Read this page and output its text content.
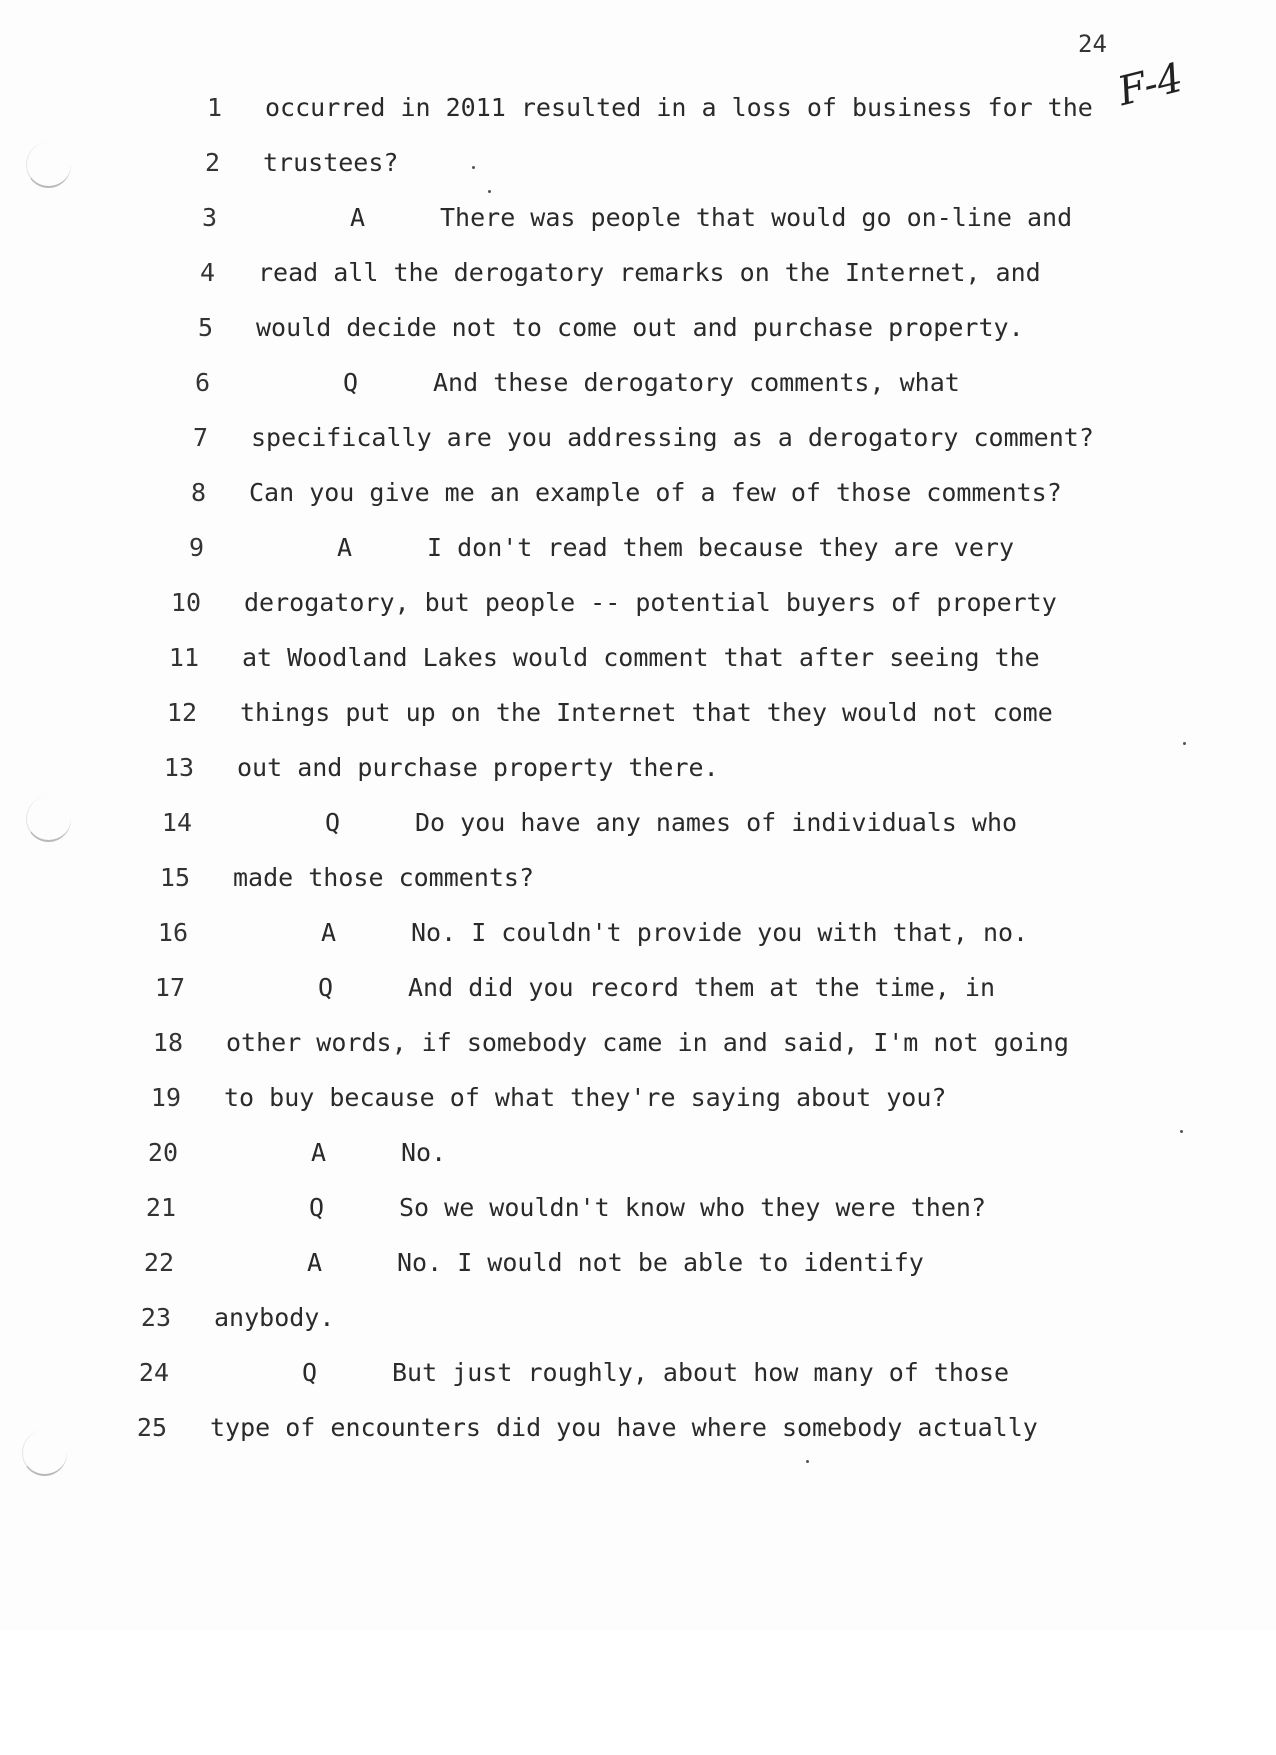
24
F-4
1 occurred in 2011 resulted in a loss of business for the
2 trustees?
3	A	There was people that would go on-line and
4 read all the derogatory remarks on the Internet, and
5 would decide not to come out and purchase property.
6	Q	And these derogatory comments, what
7 specifically are you addressing as a derogatory comment?
8 Can you give me an example of a few of those comments?
9	A	I don't read them because they are very
10 derogatory, but people -- potential buyers of property
11 at Woodland Lakes would comment that after seeing the
12 things put up on the Internet that they would not come
13 out and purchase property there.
14	Q	Do you have any names of individuals who
15 made those comments?
16	A	No. I couldn't provide you with that, no.
17	Q	And did you record them at the time, in
18 other words, if somebody came in and said, I'm not going
19 to buy because of what they're saying about you?
20	A	No.
21	Q	So we wouldn't know who they were then?
22	A	No. I would not be able to identify
23 anybody.
24	Q	But just roughly, about how many of those
25 type of encounters did you have where somebody actually
